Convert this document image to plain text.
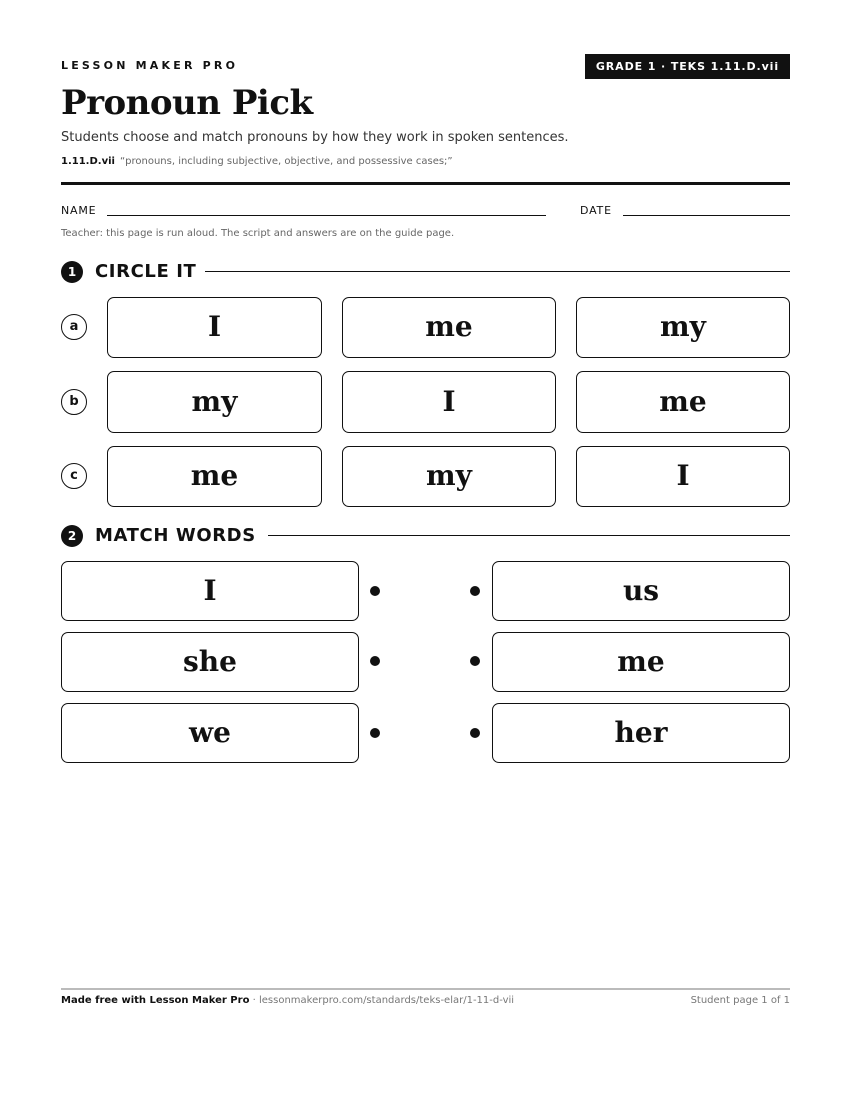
LESSON MAKER PRO	GRADE 1 · TEKS 1.11.D.vii
Pronoun Pick
Students choose and match pronouns by how they work in spoken sentences.
1.11.D.vii “pronouns, including subjective, objective, and possessive cases;”
NAME	DATE
Teacher: this page is run aloud. The script and answers are on the guide page.
1	CIRCLE IT
a	I	me	my
b	my	I	me
c	me	my	I
2	MATCH WORDS
I	us
she	me
we	her
Made free with Lesson Maker Pro · lessonmakerpro.com/standards/teks-elar/1-11-d-vii	Student page 1 of 1
